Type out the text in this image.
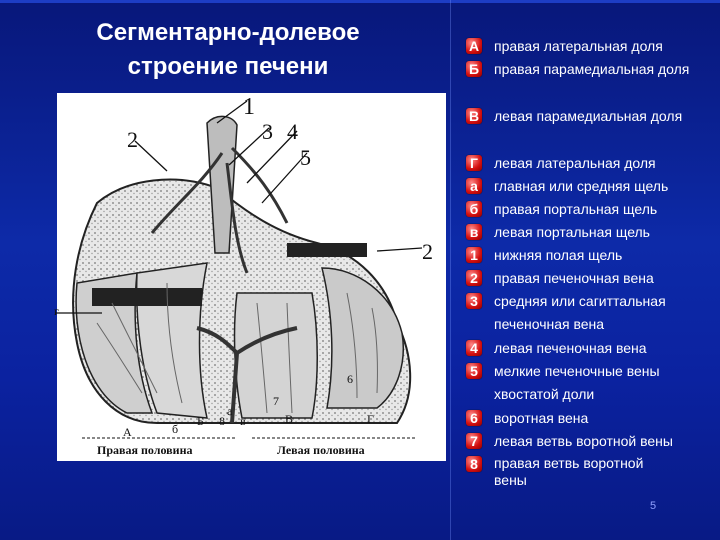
Сегментарно-долевое
строение печени
1
2	3 4
5
2
г
6
7
б
8
а
в
А
Б	В	Г
Правая половина	Левая половина
А правая латеральная доля
Б правая парамедиальная доля
В левая парамедиальная доля
Г левая латеральная доля
а главная или средняя щель
б правая портальная щель
в левая портальная щель
1 нижняя полая щель
2 правая печеночная вена
3 средняя или сагиттальная печеночная вена
4 левая печеночная вена
5 мелкие печеночные вены хвостатой доли
6 воротная вена
7 левая ветвь воротной вены
8 правая ветвь воротной вены
5
